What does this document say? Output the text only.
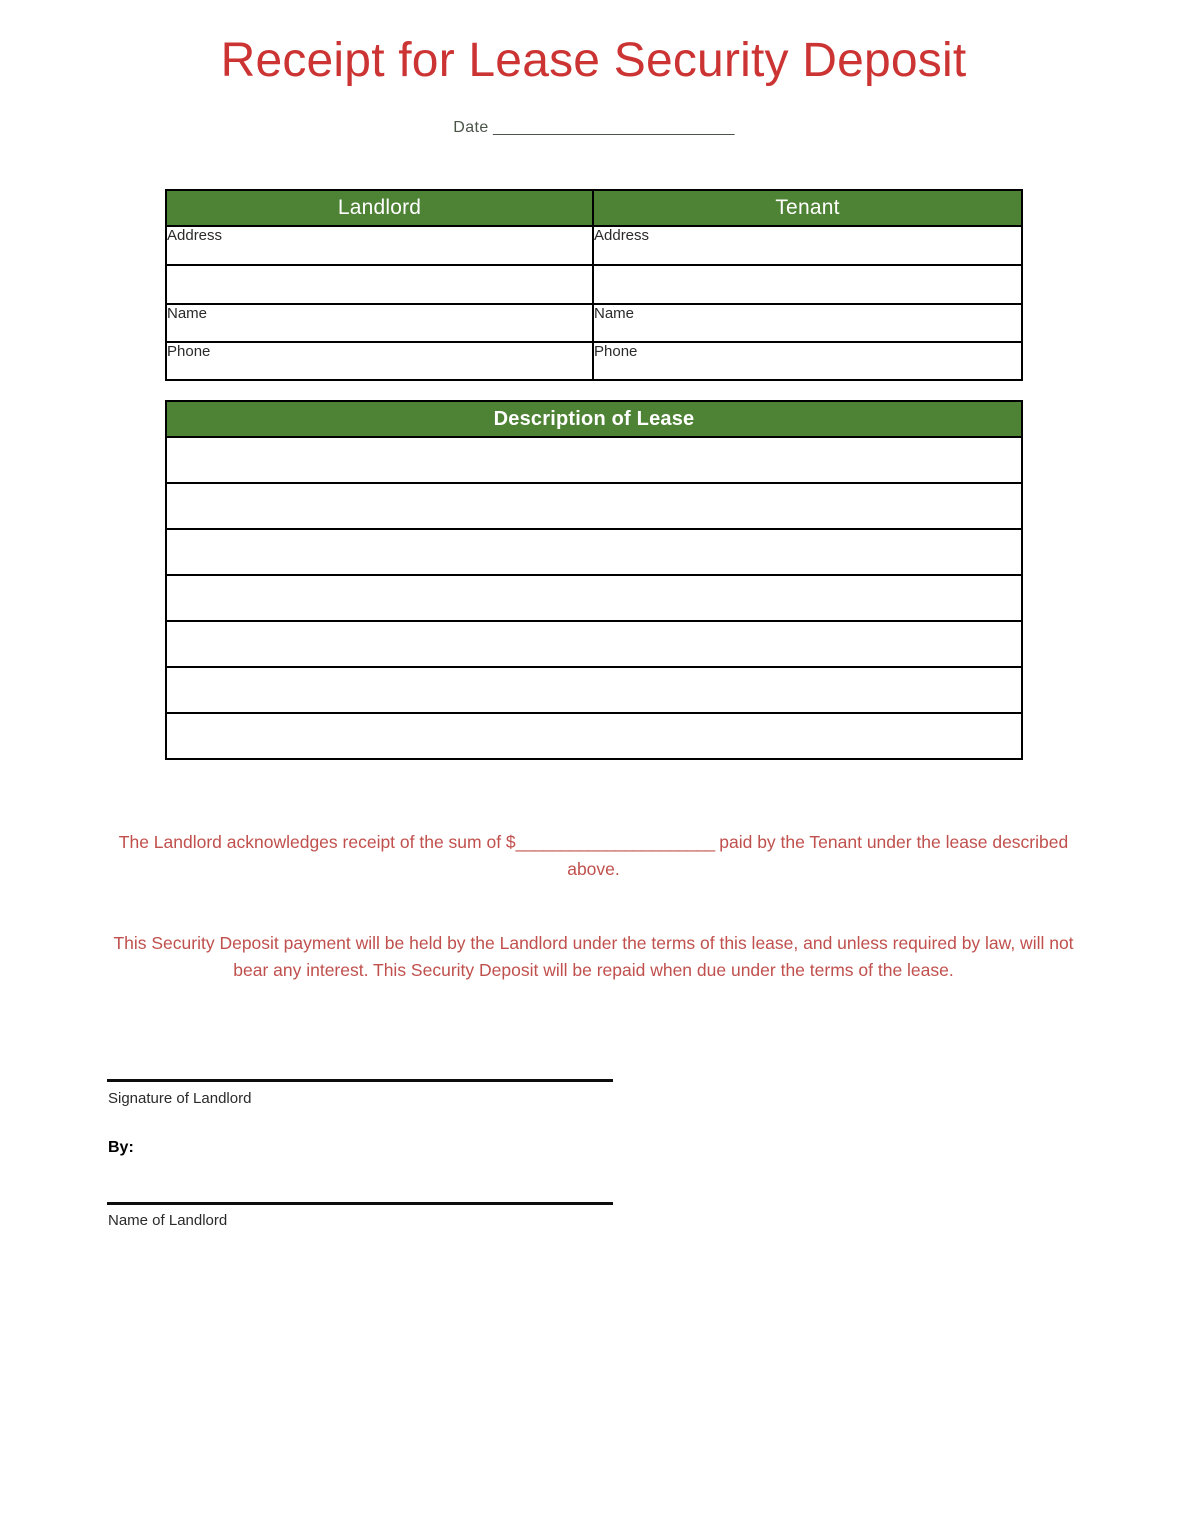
Receipt for Lease Security Deposit
Date _____________________________
Landlord	Tenant
Address	Address

Name	Name
Phone	Phone
Description of Lease

The Landlord acknowledges receipt of the sum of $______________________ paid by the Tenant under the lease described above.
This Security Deposit payment will be held by the Landlord under the terms of this lease, and unless required by law, will not bear any interest. This Security Deposit will be repaid when due under the terms of the lease.
Signature of Landlord
By:
Name of Landlord
